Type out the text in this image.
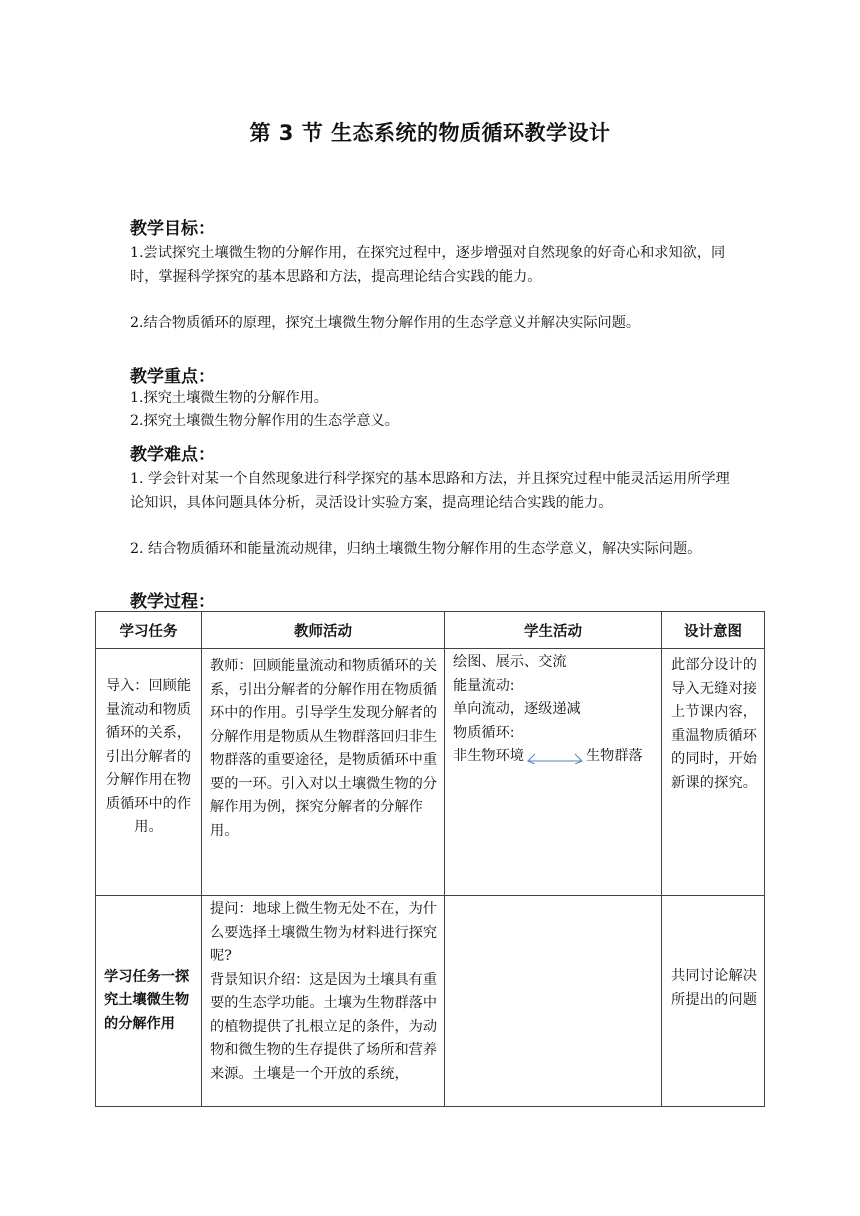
第 3 节 生态系统的物质循环教学设计
教学目标：
1.尝试探究土壤微生物的分解作用，在探究过程中，逐步增强对自然现象的好奇心和求知欲，同时，掌握科学探究的基本思路和方法，提高理论结合实践的能力。
2.结合物质循环的原理，探究土壤微生物分解作用的生态学意义并解决实际问题。
教学重点：
1.探究土壤微生物的分解作用。
2.探究土壤微生物分解作用的生态学意义。
教学难点：
1. 学会针对某一个自然现象进行科学探究的基本思路和方法，并且探究过程中能灵活运用所学理论知识，具体问题具体分析，灵活设计实验方案，提高理论结合实践的能力。
2. 结合物质循环和能量流动规律，归纳土壤微生物分解作用的生态学意义，解决实际问题。
教学过程：
学习任务	教师活动	学生活动	设计意图

导入：回顾能量流动和物质循环的关系，引出分解者的分解作用在物质循环中的作用。	教师：回顾能量流动和物质循环的关系，引出分解者的分解作用在物质循环中的作用。引导学生发现分解者的分解作用是物质从生物群落回归非生物群落的重要途径，是物质循环中重要的一环。引入对以土壤微生物的分解作用为例，探究分解者的分解作用。	绘图、展示、交流
能量流动:
单向流动，逐级递减
物质循环:
非生物环境 生物群落	此部分设计的导入无缝对接上节课内容，重温物质循环的同时，开始新课的探究。

学习任务一探究土壤微生物的分解作用	提问：地球上微生物无处不在，为什么要选择土壤微生物为材料进行探究呢?
背景知识介绍：这是因为土壤具有重要的生态学功能。土壤为生物群落中的植物提供了扎根立足的条件，为动物和微生物的生存提供了场所和营养来源。土壤是一个开放的系统，		共同讨论解决所提出的问题
